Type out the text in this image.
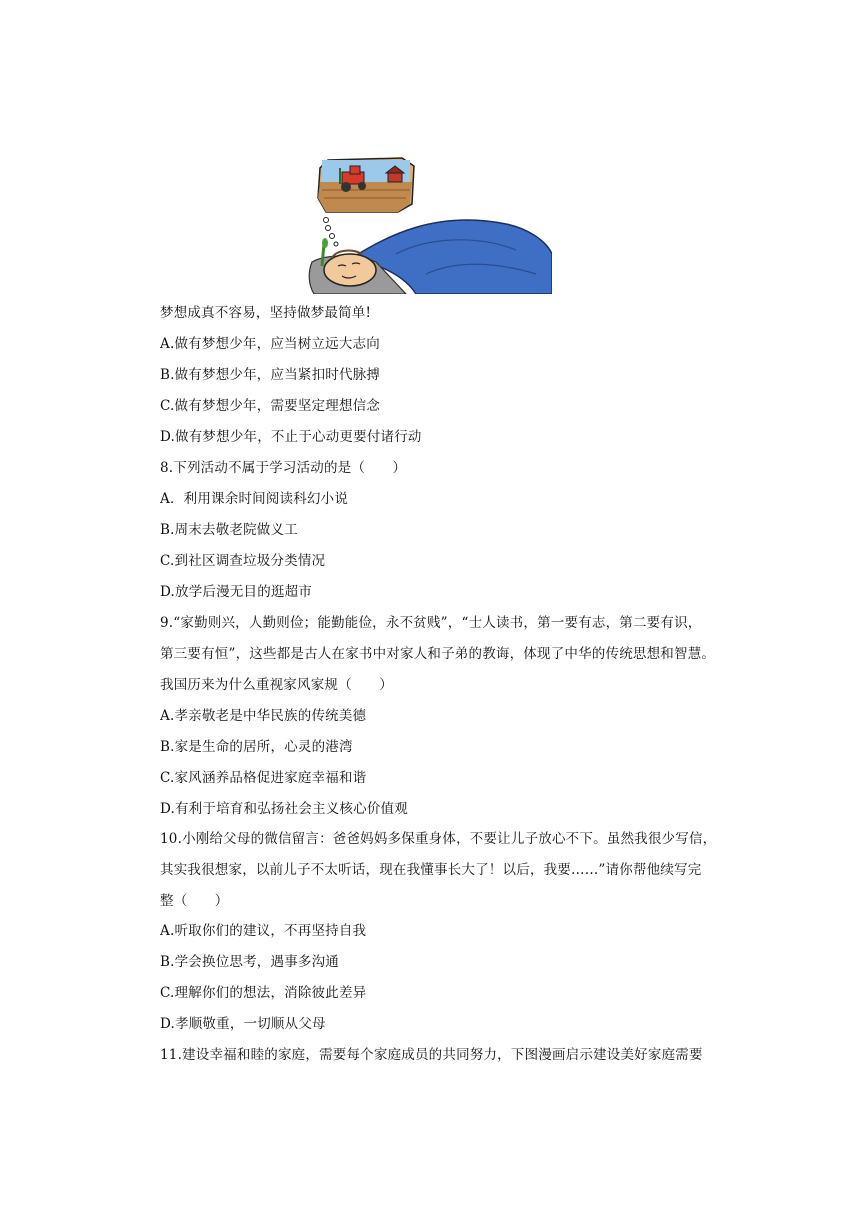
梦想成真不容易，坚持做梦最简单!
A.做有梦想少年，应当树立远大志向
B.做有梦想少年，应当紧扣时代脉搏
C.做有梦想少年，需要坚定理想信念
D.做有梦想少年，不止于心动更要付诸行动
8.下列活动不属于学习活动的是（　　）
A．利用课余时间阅读科幻小说
B.周末去敬老院做义工
C.到社区调查垃圾分类情况
D.放学后漫无目的逛超市
9.“家勤则兴，人勤则俭；能勤能俭，永不贫贱”，“士人读书，第一要有志，第二要有识，
第三要有恒”，这些都是古人在家书中对家人和子弟的教诲，体现了中华的传统思想和智慧。
我国历来为什么重视家风家规（　　）
A.孝亲敬老是中华民族的传统美德
B.家是生命的居所，心灵的港湾
C.家风涵养品格促进家庭幸福和谐
D.有利于培育和弘扬社会主义核心价值观
10.小刚给父母的微信留言：爸爸妈妈多保重身体，不要让儿子放心不下。虽然我很少写信，
其实我很想家，以前儿子不太听话，现在我懂事长大了！以后，我要……”请你帮他续写完
整（　　）
A.听取你们的建议，不再坚持自我
B.学会换位思考，遇事多沟通
C.理解你们的想法，消除彼此差异
D.孝顺敬重，一切顺从父母
11.建设幸福和睦的家庭，需要每个家庭成员的共同努力，下图漫画启示建设美好家庭需要
